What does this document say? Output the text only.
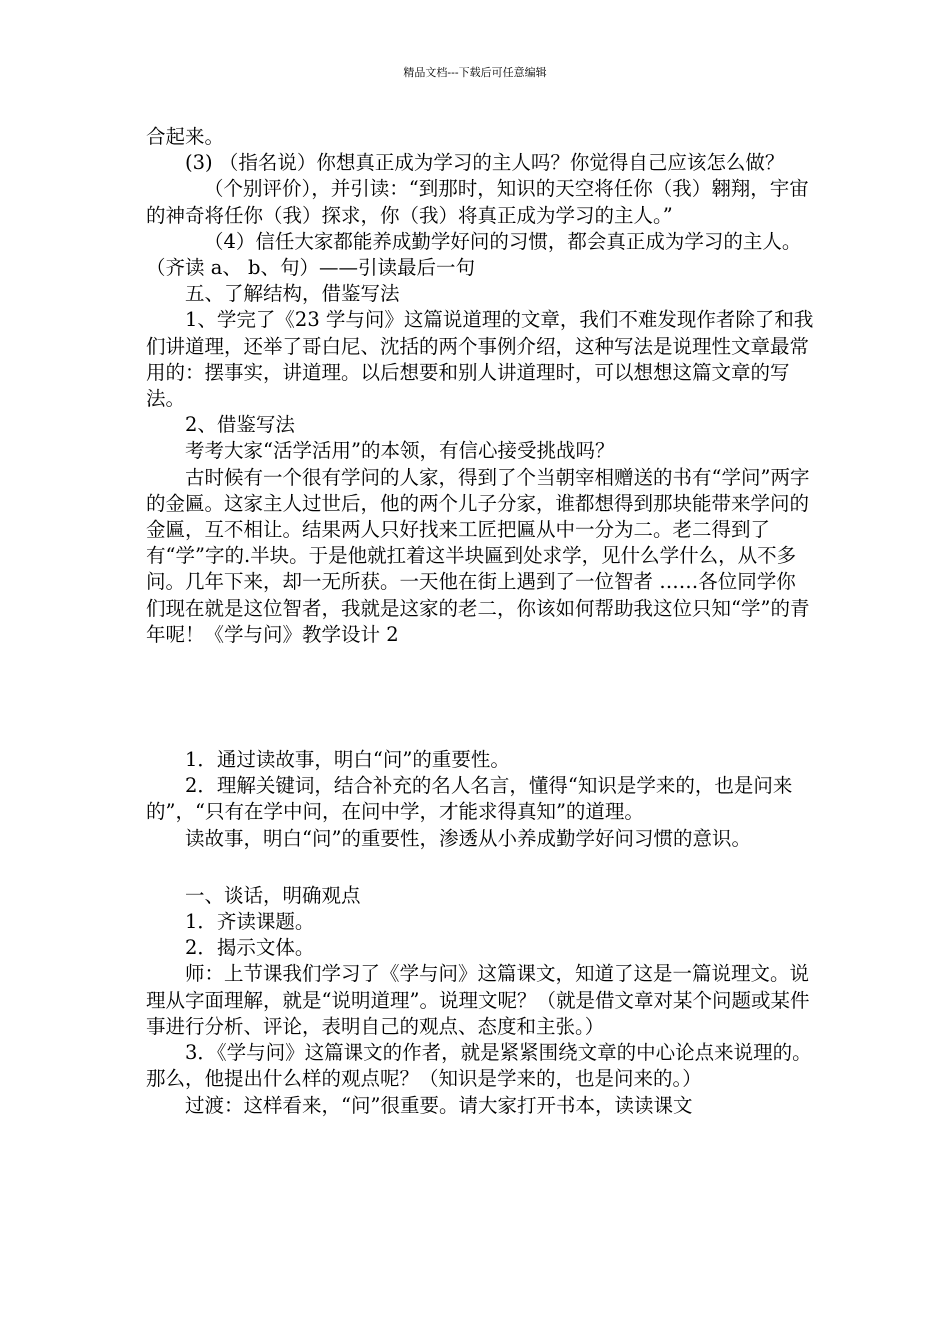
精品文档---下载后可任意编辑

合起来。

(3) （指名说）你想真正成为学习的主人吗？你觉得自己应该怎么做？

（个别评价），并引读：“到那时，知识的天空将任你（我）翱翔，宇宙的神奇将任你（我）探求，你（我）将真正成为学习的主人。”

（4）信任大家都能养成勤学好问的习惯，都会真正成为学习的主人。（齐读 a、 b、句）——引读最后一句

五、了解结构，借鉴写法

1、学完了《23 学与问》这篇说道理的文章，我们不难发现作者除了和我们讲道理，还举了哥白尼、沈括的两个事例介绍，这种写法是说理性文章最常用的：摆事实，讲道理。以后想要和别人讲道理时，可以想想这篇文章的写法。

2、借鉴写法

考考大家“活学活用”的本领，有信心接受挑战吗？

古时候有一个很有学问的人家，得到了个当朝宰相赠送的书有“学问”两字的金匾。这家主人过世后，他的两个儿子分家，谁都想得到那块能带来学问的金匾，互不相让。结果两人只好找来工匠把匾从中一分为二。老二得到了有“学”字的.半块。于是他就扛着这半块匾到处求学，见什么学什么，从不多问。几年下来，却一无所获。一天他在街上遇到了一位智者 ……各位同学你们现在就是这位智者，我就是这家的老二，你该如何帮助我这位只知“学”的青年呢！《学与问》教学设计 2

1．通过读故事，明白“问”的重要性。

2．理解关键词，结合补充的名人名言，懂得“知识是学来的，也是问来的”，“只有在学中问，在问中学，才能求得真知”的道理。

读故事，明白“问”的重要性，渗透从小养成勤学好问习惯的意识。

一、谈话，明确观点

1．齐读课题。

2．揭示文体。

师：上节课我们学习了《学与问》这篇课文，知道了这是一篇说理文。说理从字面理解，就是“说明道理”。说理文呢？（就是借文章对某个问题或某件事进行分析、评论，表明自己的观点、态度和主张。）

3．《学与问》这篇课文的作者，就是紧紧围绕文章的中心论点来说理的。那么，他提出什么样的观点呢？（知识是学来的，也是问来的。）

过渡：这样看来，“问”很重要。请大家打开书本，读读课文
